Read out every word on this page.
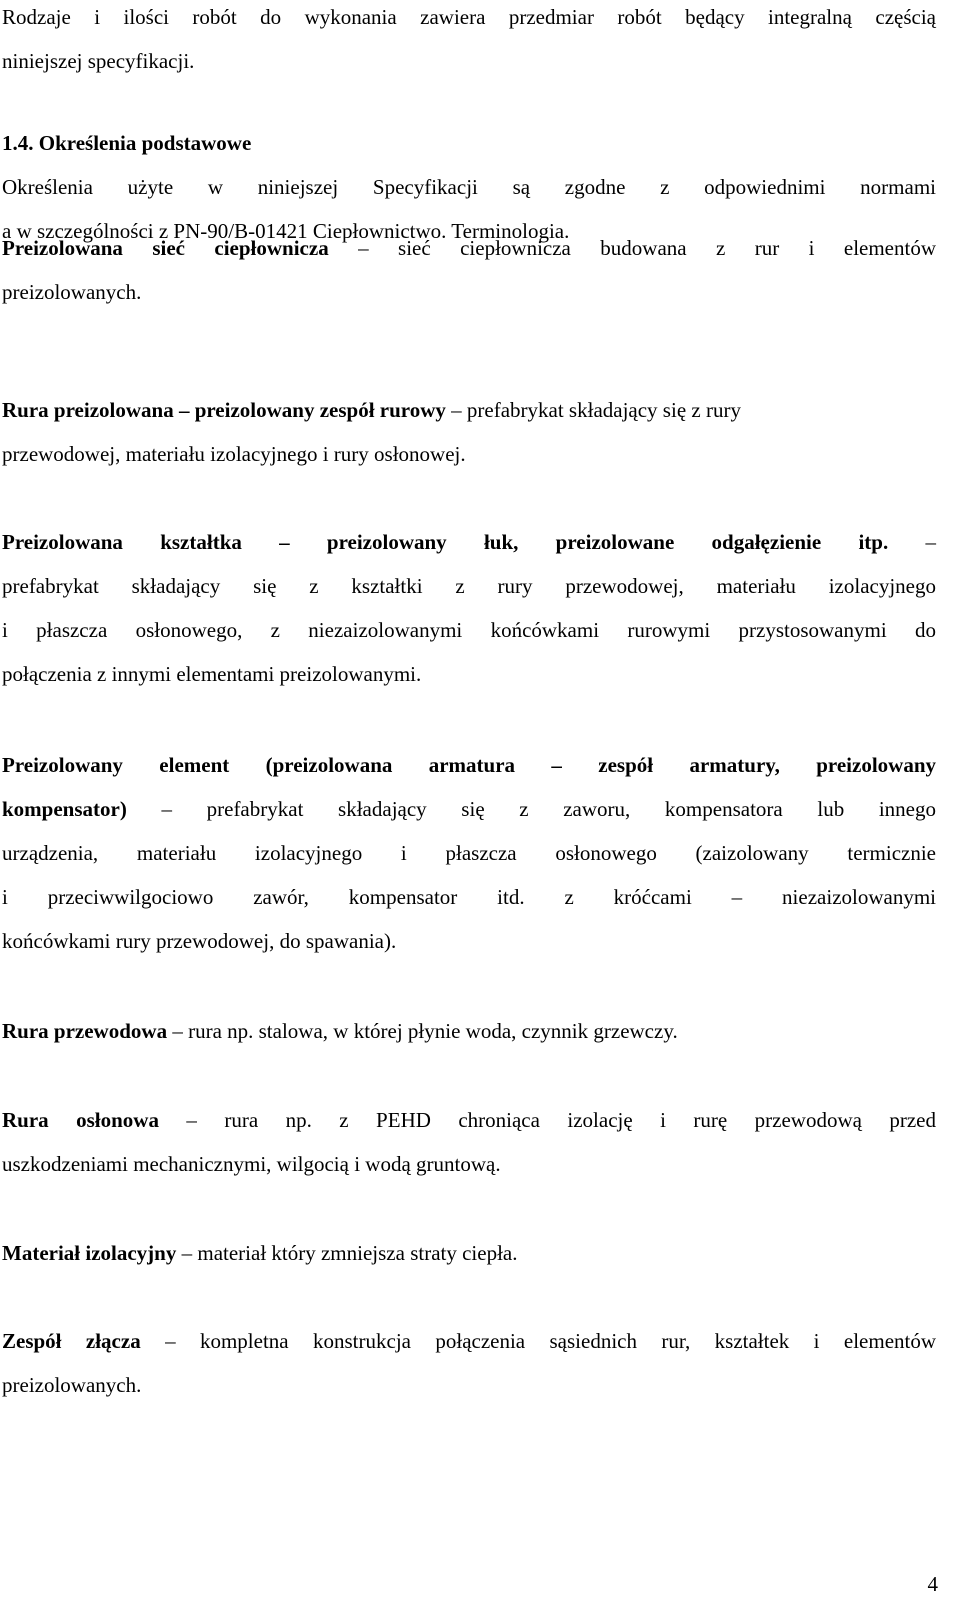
Rodzaje i ilości robót do wykonania zawiera przedmiar robót będący integralną częścią
niniejszej specyfikacji.
1.4. Określenia podstawowe
Określenia użyte w niniejszej Specyfikacji są zgodne z odpowiednimi normami
a w szczególności z PN-90/B-01421 Ciepłownictwo. Terminologia.
Preizolowana sieć ciepłownicza – sieć ciepłownicza budowana z rur i elementów
preizolowanych.
Rura preizolowana – preizolowany zespół rurowy – prefabrykat składający się z rury
przewodowej, materiału izolacyjnego i rury osłonowej.
Preizolowana kształtka – preizolowany łuk, preizolowane odgałęzienie itp. –
prefabrykat składający się z kształtki z rury przewodowej, materiału izolacyjnego
i płaszcza osłonowego, z niezaizolowanymi końcówkami rurowymi przystosowanymi do
połączenia z innymi elementami preizolowanymi.
Preizolowany element (preizolowana armatura – zespół armatury, preizolowany
kompensator) – prefabrykat składający się z zaworu, kompensatora lub innego
urządzenia, materiału izolacyjnego i płaszcza osłonowego (zaizolowany termicznie
i przeciwwilgociowo zawór, kompensator itd. z króćcami – niezaizolowanymi
końcówkami rury przewodowej, do spawania).
Rura przewodowa – rura np. stalowa, w której płynie woda, czynnik grzewczy.
Rura osłonowa – rura np. z PEHD chroniąca izolację i rurę przewodową przed
uszkodzeniami mechanicznymi, wilgocią i wodą gruntową.
Materiał izolacyjny – materiał który zmniejsza straty ciepła.
Zespół złącza – kompletna konstrukcja połączenia sąsiednich rur, kształtek i elementów
preizolowanych.
4
